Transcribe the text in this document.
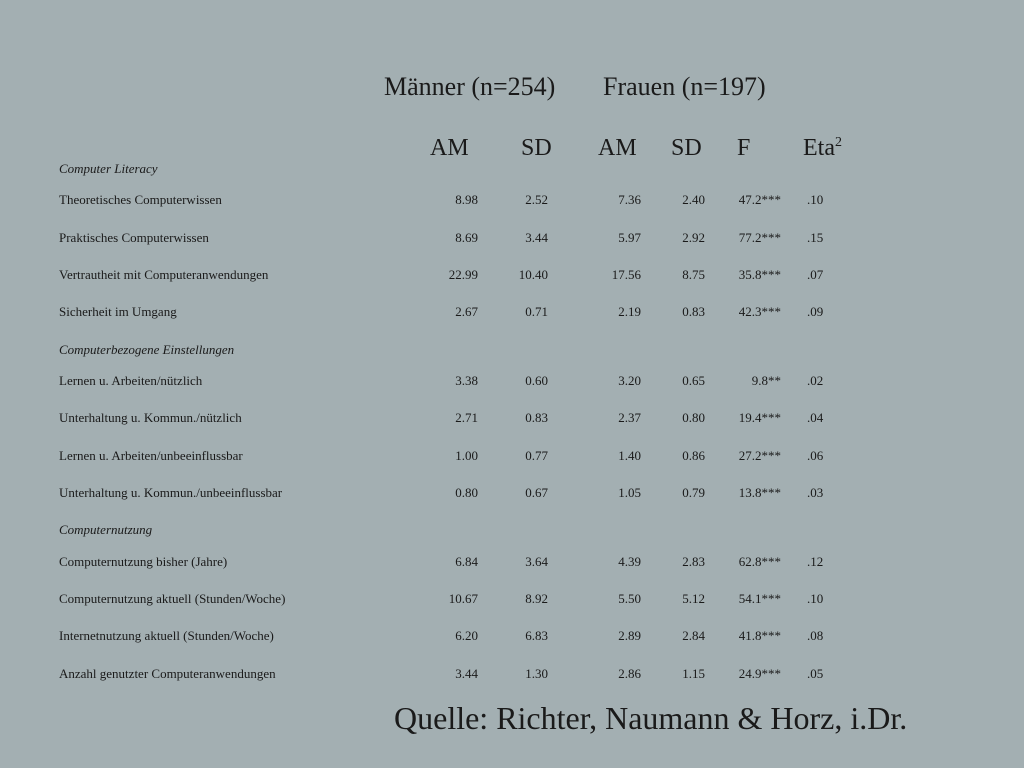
Männer (n=254) Frauen (n=197)
AM SD AM SD F Eta$^2$
Computer Literacy
Theoretisches Computerwissen	8.98	2.52	7.36	2.40	47.2*** .10
Praktisches Computerwissen	8.69	3.44	5.97	2.92	77.2*** .15
Vertrautheit mit Computeranwendungen	22.99	10.40	17.56	8.75	35.8*** .07
Sicherheit im Umgang	2.67	0.71	2.19	0.83	42.3*** .09
Computerbezogene Einstellungen
Lernen u. Arbeiten/nützlich	3.38	0.60	3.20	0.65	9.8** .02
Unterhaltung u. Kommun./nützlich	2.71	0.83	2.37	0.80	19.4*** .04
Lernen u. Arbeiten/unbeeinflussbar	1.00	0.77	1.40	0.86	27.2*** .06
Unterhaltung u. Kommun./unbeeinflussbar	0.80	0.67	1.05	0.79	13.8*** .03
Computernutzung
Computernutzung bisher (Jahre)	6.84	3.64	4.39	2.83	62.8*** .12
Computernutzung aktuell (Stunden/Woche)	10.67	8.92	5.50	5.12	54.1*** .10
Internetnutzung aktuell (Stunden/Woche)	6.20	6.83	2.89	2.84	41.8*** .08
Anzahl genutzter Computeranwendungen	3.44	1.30	2.86	1.15	24.9*** .05
Quelle: Richter, Naumann & Horz, i.Dr.
